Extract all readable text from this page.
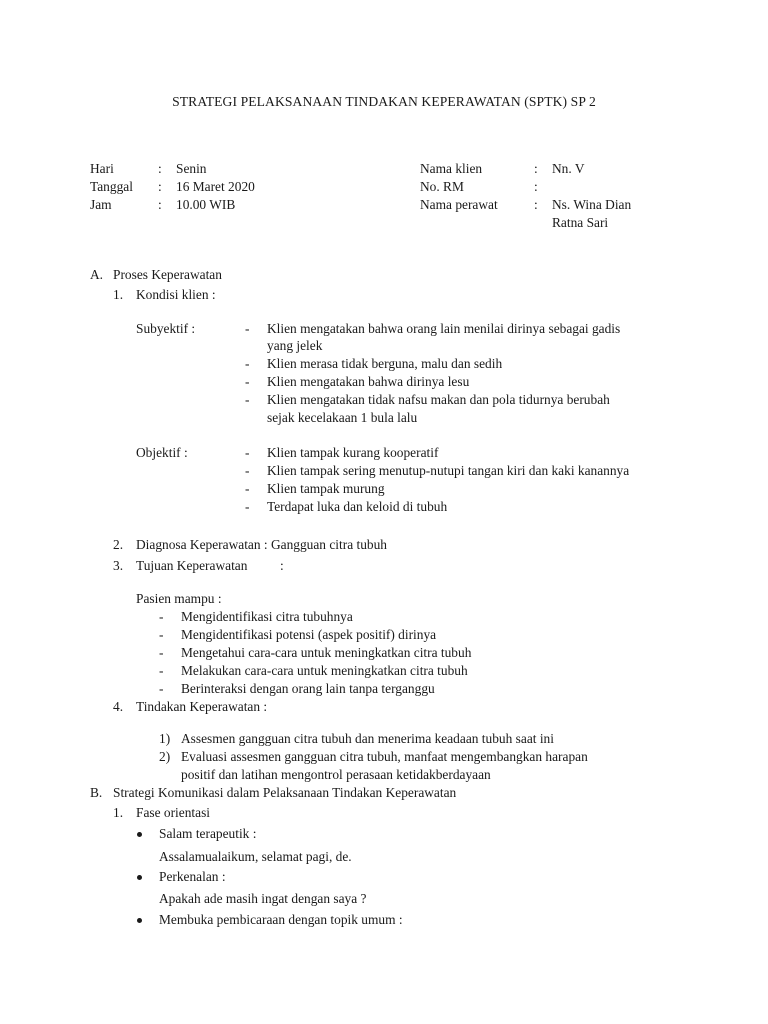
STRATEGI PELAKSANAAN TINDAKAN KEPERAWATAN (SPTK) SP 2
Hari	: Senin
Tanggal : 16 Maret 2020
Jam	: 10.00 WIB
Nama klien	: Nn. V
No. RM	:
Nama perawat	: Ns. Wina Dian
Ratna Sari
A. Proses Keperawatan
1. Kondisi klien :
Subyektif :	- Klien mengatakan bahwa orang lain menilai dirinya sebagai gadis
yang jelek
- Klien merasa tidak berguna, malu dan sedih
- Klien mengatakan bahwa dirinya lesu
- Klien mengatakan tidak nafsu makan dan pola tidurnya berubah
sejak kecelakaan 1 bula lalu
Objektif :	- Klien tampak kurang kooperatif
- Klien tampak sering menutup-nutupi tangan kiri dan kaki kanannya
- Klien tampak murung
- Terdapat luka dan keloid di tubuh
2. Diagnosa Keperawatan : Gangguan citra tubuh
3. Tujuan Keperawatan :
Pasien mampu :
- Mengidentifikasi citra tubuhnya
- Mengidentifikasi potensi (aspek positif) dirinya
- Mengetahui cara-cara untuk meningkatkan citra tubuh
- Melakukan cara-cara untuk meningkatkan citra tubuh
- Berinteraksi dengan orang lain tanpa terganggu
4. Tindakan Keperawatan :
1) Assesmen gangguan citra tubuh dan menerima keadaan tubuh saat ini
2) Evaluasi assesmen gangguan citra tubuh, manfaat mengembangkan harapan
positif dan latihan mengontrol perasaan ketidakberdayaan
B. Strategi Komunikasi dalam Pelaksanaan Tindakan Keperawatan
1. Fase orientasi
Salam terapeutik :
Assalamualaikum, selamat pagi, de.
Perkenalan :
Apakah ade masih ingat dengan saya ?
Membuka pembicaraan dengan topik umum :
